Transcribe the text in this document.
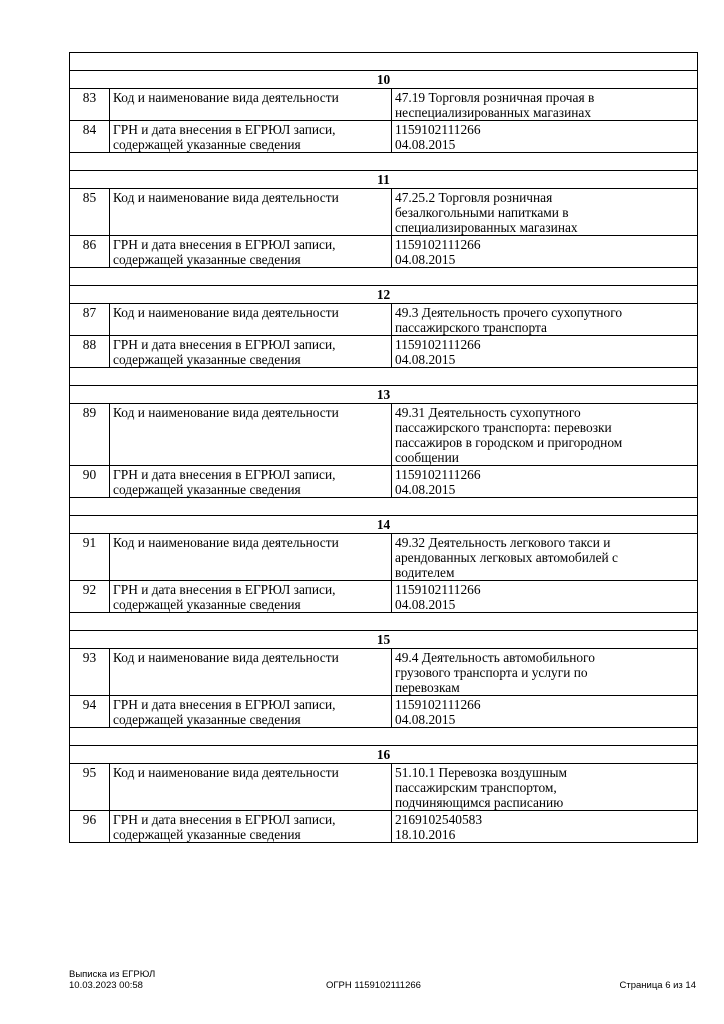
10		
83	Код и наименование вида деятельности	47.19 Торговля розничная прочая в
неспециализированных магазинах

84	ГРН и дата внесения в ЕГРЮЛ записи, содержащей указанные сведения	1159102111266
04.08.2015

11		
85	Код и наименование вида деятельности	47.25.2 Торговля розничная
безалкогольными напитками в
специализированных магазинах

86	ГРН и дата внесения в ЕГРЮЛ записи, содержащей указанные сведения	1159102111266
04.08.2015

12		
87	Код и наименование вида деятельности	49.3 Деятельность прочего сухопутного
пассажирского транспорта

88	ГРН и дата внесения в ЕГРЮЛ записи, содержащей указанные сведения	1159102111266
04.08.2015

13		
89	Код и наименование вида деятельности	49.31 Деятельность сухопутного
пассажирского транспорта: перевозки
пассажиров в городском и пригородном
сообщении

90	ГРН и дата внесения в ЕГРЮЛ записи, содержащей указанные сведения	1159102111266
04.08.2015

14		
91	Код и наименование вида деятельности	49.32 Деятельность легкового такси и
арендованных легковых автомобилей с
водителем

92	ГРН и дата внесения в ЕГРЮЛ записи, содержащей указанные сведения	1159102111266
04.08.2015

15		
93	Код и наименование вида деятельности	49.4 Деятельность автомобильного
грузового транспорта и услуги по
перевозкам

94	ГРН и дата внесения в ЕГРЮЛ записи, содержащей указанные сведения	1159102111266
04.08.2015

16		
95	Код и наименование вида деятельности	51.10.1 Перевозка воздушным
пассажирским транспортом,
подчиняющимся расписанию

96	ГРН и дата внесения в ЕГРЮЛ записи, содержащей указанные сведения	2169102540583
18.10.2016
Выписка из ЕГРЮЛ
10.03.2023 00:58	ОГРН 1159102111266	Страница 6 из 14
